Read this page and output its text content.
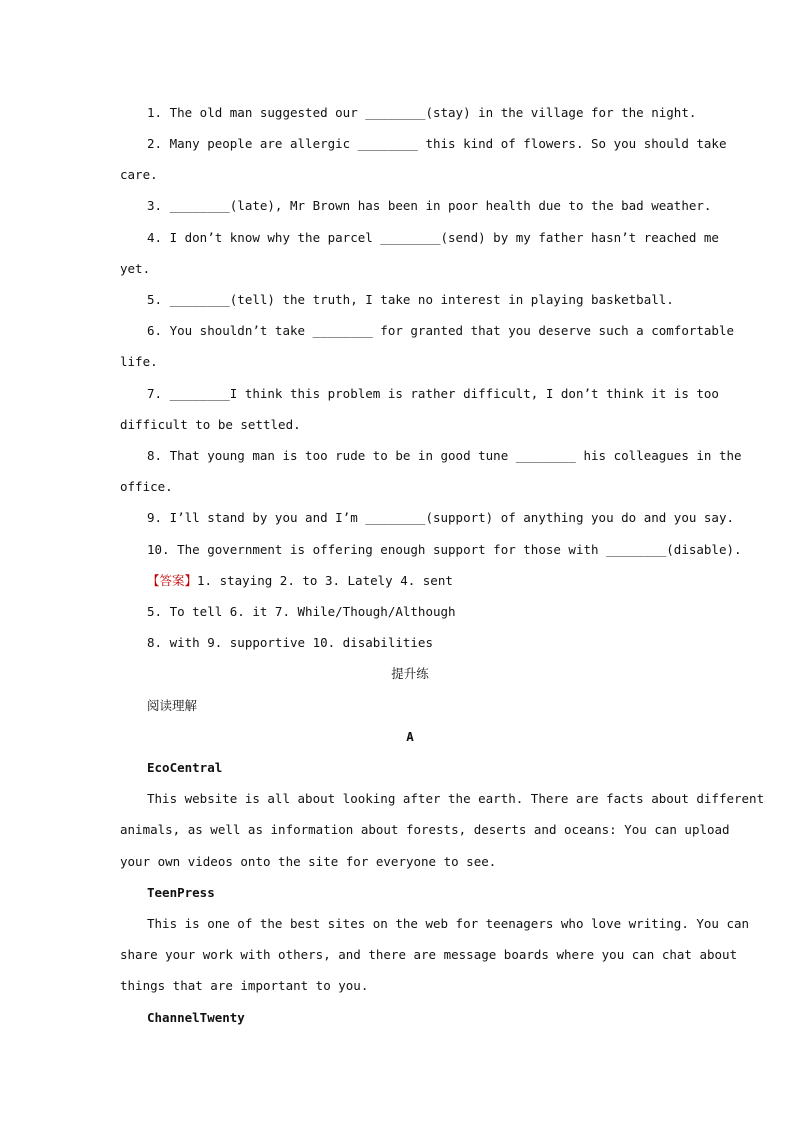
1. The old man suggested our ________(stay) in the village for the night.
2. Many people are allergic ________ this kind of flowers. So you should take
care.
3. ________(late), Mr Brown has been in poor health due to the bad weather.
4. I don’t know why the parcel ________(send) by my father hasn’t reached me
yet.
5. ________(tell) the truth, I take no interest in playing basketball.
6. You shouldn’t take ________ for granted that you deserve such a comfortable
life.
7. ________I think this problem is rather difficult, I don’t think it is too
difficult to be settled.
8. That young man is too rude to be in good tune ________ his colleagues in the
office.
9. I’ll stand by you and I’m ________(support) of anything you do and you say.
10. The government is offering enough support for those with ________(disable).
【答案】1. staying 2. to 3. Lately 4. sent
5. To tell 6. it 7. While/Though/Although
8. with 9. supportive 10. disabilities
提升练
阅读理解
A
EcoCentral
This website is all about looking after the earth. There are facts about different
animals, as well as information about forests, deserts and oceans: You can upload
your own videos onto the site for everyone to see.
TeenPress
This is one of the best sites on the web for teenagers who love writing. You can
share your work with others, and there are message boards where you can chat about
things that are important to you.
ChannelTwenty
